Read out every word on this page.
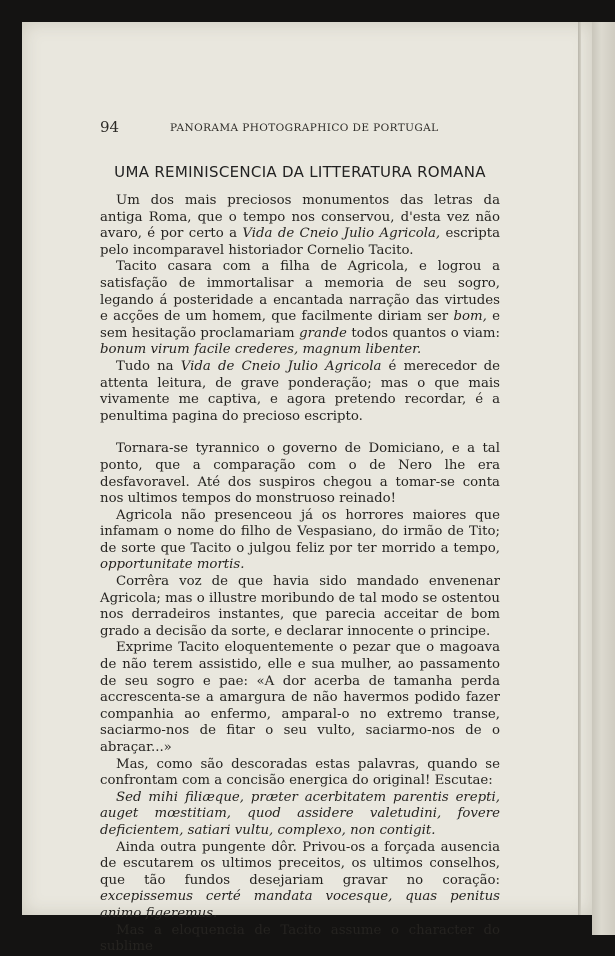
94	PANORAMA PHOTOGRAPHICO DE PORTUGAL
UMA REMINISCENCIA DA LITTERATURA ROMANA

Um dos mais preciosos monumentos das letras da antiga Roma, que o tempo nos conservou, d'esta vez não avaro, é por certo a Vida de Cneio Julio Agricola, escripta pelo incomparavel historiador Cornelio Tacito.

Tacito casara com a filha de Agricola, e logrou a satisfação de immortalisar a memoria de seu sogro, legando á posteridade a encantada narração das virtudes e acções de um homem, que facilmente diriam ser bom, e sem hesitação proclamariam grande todos quantos o viam: bonum virum facile crederes, magnum libenter.

Tudo na Vida de Cneio Julio Agricola é merecedor de attenta leitura, de grave ponderação; mas o que mais vivamente me captiva, e agora pretendo recordar, é a penultima pagina do precioso escripto.

Tornara-se tyrannico o governo de Domiciano, e a tal ponto, que a comparação com o de Nero lhe era desfavoravel. Até dos suspiros chegou a tomar-se conta nos ultimos tempos do monstruoso reinado!

Agricola não presenceou já os horrores maiores que infamam o nome do filho de Vespasiano, do irmão de Tito; de sorte que Tacito o julgou feliz por ter morrido a tempo, opportunitate mortis.

Corrêra voz de que havia sido mandado envenenar Agricola; mas o illustre moribundo de tal modo se ostentou nos derradeiros instantes, que parecia acceitar de bom grado a decisão da sorte, e declarar innocente o principe.

Exprime Tacito eloquentemente o pezar que o magoava de não terem assistido, elle e sua mulher, ao passamento de seu sogro e pae: «A dor acerba de tamanha perda accrescenta-se a amargura de não havermos podido fazer companhia ao enfermo, amparal-o no extremo transe, saciarmo-nos de fitar o seu vulto, saciarmo-nos de o abraçar...»

Mas, como são descoradas estas palavras, quando se confrontam com a concisão energica do original! Escutae:

Sed mihi filiæque, præter acerbitatem parentis erepti, auget mœstitiam, quod assidere valetudini, fovere deficientem, satiari vultu, complexo, non contigit.

Ainda outra pungente dôr. Privou-os a forçada ausencia de escutarem os ultimos preceitos, os ultimos conselhos, que tão fundos desejariam gravar no coração: excepissemus certé mandata vocesque, quas penitus animo figeremus.

Mas a eloquencia de Tacito assume o character do sublime
